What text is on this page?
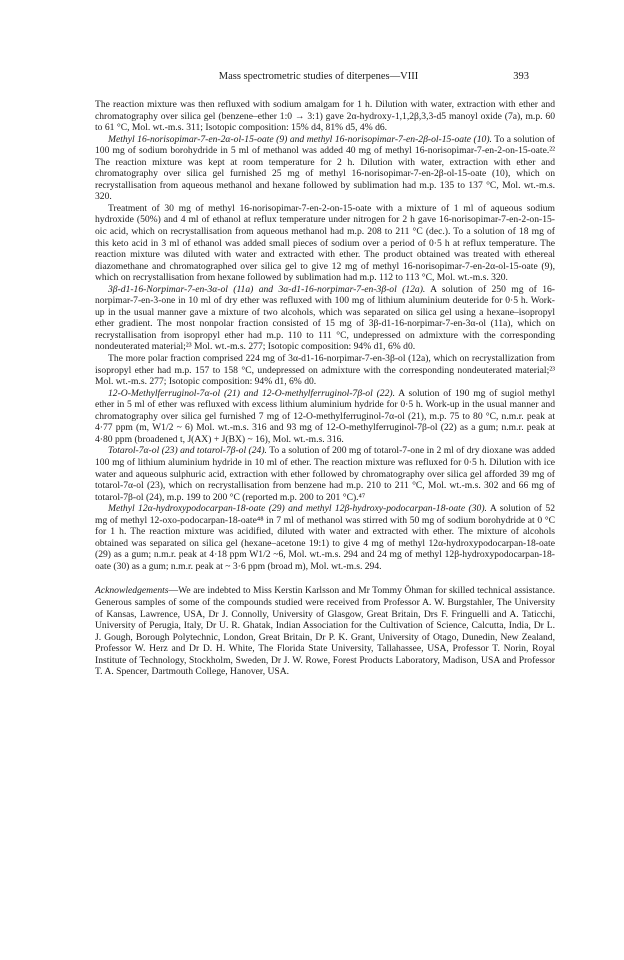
Mass spectrometric studies of diterpenes—VIII	393

The reaction mixture was then refluxed with sodium amalgam for 1 h. Dilution with water, extraction with ether and chromatography over silica gel (benzene–ether 1:0 → 3:1) gave 2α-hydroxy-1,1,2β,3,3-d5 manoyl oxide (7a), m.p. 60 to 61 °C, Mol. wt.-m.s. 311; Isotopic composition: 15% d4, 81% d5, 4% d6.

Methyl 16-norisopimar-7-en-2α-ol-15-oate (9) and methyl 16-norisopimar-7-en-2β-ol-15-oate (10). To a solution of 100 mg of sodium borohydride in 5 ml of methanol was added 40 mg of methyl 16-norisopimar-7-en-2-on-15-oate.²² The reaction mixture was kept at room temperature for 2 h. Dilution with water, extraction with ether and chromatography over silica gel furnished 25 mg of methyl 16-norisopimar-7-en-2β-ol-15-oate (10), which on recrystallisation from aqueous methanol and hexane followed by sublimation had m.p. 135 to 137 °C, Mol. wt.-m.s. 320.

Treatment of 30 mg of methyl 16-norisopimar-7-en-2-on-15-oate with a mixture of 1 ml of aqueous sodium hydroxide (50%) and 4 ml of ethanol at reflux temperature under nitrogen for 2 h gave 16-norisopimar-7-en-2-on-15-oic acid, which on recrystallisation from aqueous methanol had m.p. 208 to 211 °C (dec.). To a solution of 18 mg of this keto acid in 3 ml of ethanol was added small pieces of sodium over a period of 0·5 h at reflux temperature. The reaction mixture was diluted with water and extracted with ether. The product obtained was treated with ethereal diazomethane and chromatographed over silica gel to give 12 mg of methyl 16-norisopimar-7-en-2α-ol-15-oate (9), which on recrystallisation from hexane followed by sublimation had m.p. 112 to 113 °C, Mol. wt.-m.s. 320.

3β-d1-16-Norpimar-7-en-3α-ol (11a) and 3α-d1-16-norpimar-7-en-3β-ol (12a). A solution of 250 mg of 16-norpimar-7-en-3-one in 10 ml of dry ether was refluxed with 100 mg of lithium aluminium deuteride for 0·5 h. Work-up in the usual manner gave a mixture of two alcohols, which was separated on silica gel using a hexane–isopropyl ether gradient. The most nonpolar fraction consisted of 15 mg of 3β-d1-16-norpimar-7-en-3α-ol (11a), which on recrystallisation from isopropyl ether had m.p. 110 to 111 °C, undepressed on admixture with the corresponding nondeuterated material;²³ Mol. wt.-m.s. 277; Isotopic composition: 94% d1, 6% d0.

The more polar fraction comprised 224 mg of 3α-d1-16-norpimar-7-en-3β-ol (12a), which on recrystallization from isopropyl ether had m.p. 157 to 158 °C, undepressed on admixture with the corresponding nondeuterated material;²³ Mol. wt.-m.s. 277; Isotopic composition: 94% d1, 6% d0.

12-O-Methylferruginol-7α-ol (21) and 12-O-methylferruginol-7β-ol (22). A solution of 190 mg of sugiol methyl ether in 5 ml of ether was refluxed with excess lithium aluminium hydride for 0·5 h. Work-up in the usual manner and chromatography over silica gel furnished 7 mg of 12-O-methylferruginol-7α-ol (21), m.p. 75 to 80 °C, n.m.r. peak at 4·77 ppm (m, W1/2 ~ 6) Mol. wt.-m.s. 316 and 93 mg of 12-O-methylferruginol-7β-ol (22) as a gum; n.m.r. peak at 4·80 ppm (broadened t, J(AX) + J(BX) ~ 16), Mol. wt.-m.s. 316.

Totarol-7α-ol (23) and totarol-7β-ol (24). To a solution of 200 mg of totarol-7-one in 2 ml of dry dioxane was added 100 mg of lithium aluminium hydride in 10 ml of ether. The reaction mixture was refluxed for 0·5 h. Dilution with ice water and aqueous sulphuric acid, extraction with ether followed by chromatography over silica gel afforded 39 mg of totarol-7α-ol (23), which on recrystallisation from benzene had m.p. 210 to 211 °C, Mol. wt.-m.s. 302 and 66 mg of totarol-7β-ol (24), m.p. 199 to 200 °C (reported m.p. 200 to 201 °C).⁴⁷

Methyl 12α-hydroxypodocarpan-18-oate (29) and methyl 12β-hydroxy-podocarpan-18-oate (30). A solution of 52 mg of methyl 12-oxo-podocarpan-18-oate⁴⁸ in 7 ml of methanol was stirred with 50 mg of sodium borohydride at 0 °C for 1 h. The reaction mixture was acidified, diluted with water and extracted with ether. The mixture of alcohols obtained was separated on silica gel (hexane–acetone 19:1) to give 4 mg of methyl 12α-hydroxypodocarpan-18-oate (29) as a gum; n.m.r. peak at 4·18 ppm W1/2 ~6, Mol. wt.-m.s. 294 and 24 mg of methyl 12β-hydroxypodocarpan-18-oate (30) as a gum; n.m.r. peak at ~ 3·6 ppm (broad m), Mol. wt.-m.s. 294.

Acknowledgements—We are indebted to Miss Kerstin Karlsson and Mr Tommy Öhman for skilled technical assistance. Generous samples of some of the compounds studied were received from Professor A. W. Burgstahler, The University of Kansas, Lawrence, USA, Dr J. Connolly, University of Glasgow, Great Britain, Drs F. Fringuelli and A. Taticchi, University of Perugia, Italy, Dr U. R. Ghatak, Indian Association for the Cultivation of Science, Calcutta, India, Dr L. J. Gough, Borough Polytechnic, London, Great Britain, Dr P. K. Grant, University of Otago, Dunedin, New Zealand, Professor W. Herz and Dr D. H. White, The Florida State University, Tallahassee, USA, Professor T. Norin, Royal Institute of Technology, Stockholm, Sweden, Dr J. W. Rowe, Forest Products Laboratory, Madison, USA and Professor T. A. Spencer, Dartmouth College, Hanover, USA.
